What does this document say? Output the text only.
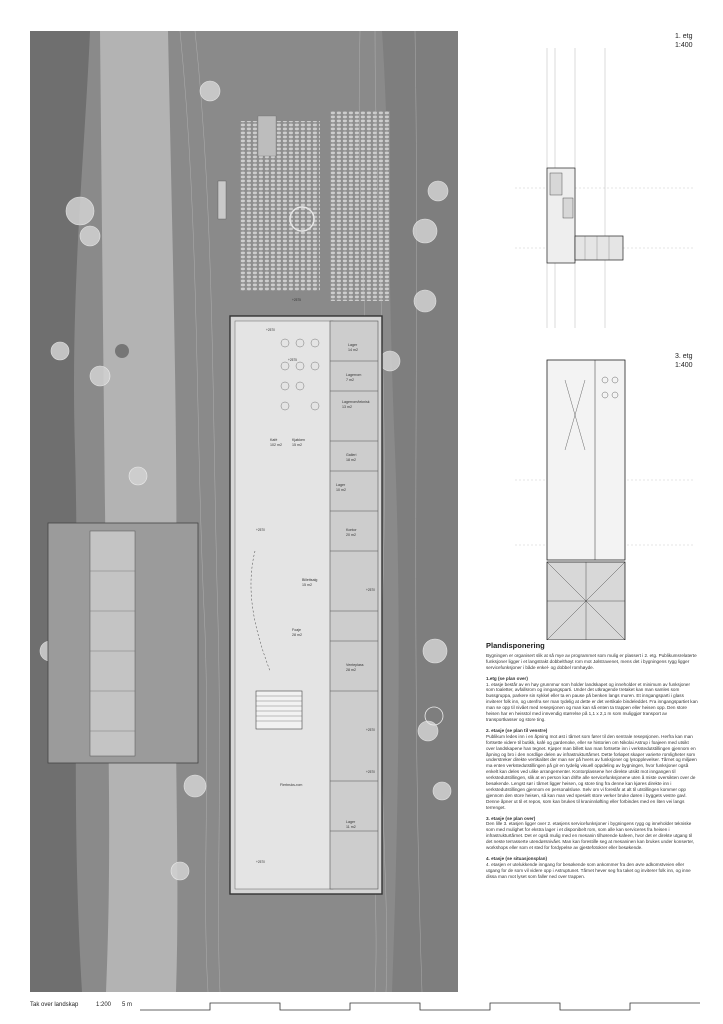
Lager
14 m2
Lagerrom
7 m2
Lagerrom/teknisk
13 m2
Kafé
102 m2
Kjøkken
15 m2
Galleri
18 m2
Lager
10 m2
Kontor
20 m2
Billettsalg
15 m2
Foaje
28 m2
Venteplass
28 m2
Flerbruks-rom
Lager
11 m2
+2575
+2570
+2575
+2570
+2570
+2570
+2570
+2570
1. etg
1:400
3. etg
1:400
Plandisponering

Bygningen er organisert slik at så mye av programmet som mulig er plassert i 2. etg. Publikumsrelaterte funksjoner ligger i et langstrakt dobbelthøyt rom mot Jølstravenet, mens det i bygningens rygg ligger servicefunksjoner i både enkel- og dobbel romhøyde.

1.etg (se plan over)

1. etasje består av en høy grunnmur som holder landskapet og inneholder et minimum av funksjoner som toaletter, avfallsrom og inngangsparti. Under det utkragende tretaket kan man samles som bussgruppa, parkere sin sykkel eller ta en pause på benken langs muren. Et inngangsparti i glass inviterer folk inn, og utenfra ser man tydelig at dette er det vertikale bindeleddet. Fra inngangspartiet kan man se opp til nivået med resepsjonen og man kan så enten ta trappen eller heisen opp. Den store heisen har en heisstol med innvendig størrelse på 1,1 x 2,1 m som muliggjør transport av transportkasser og store ting.

2. etasje (se plan til venstre)

Publikum ledes inn i en åpning mot øst i tårnet som fører til den sentrale resepsjonen. Herfra kan man fortsette videre til butikk, kafé og gardenoke, eller se historien om Nikolai Astrup i foajeen med utsikt over landskapene han tegnet. Kjøper man billett kan man fortsette inn i verkstedutstillingen gjennom en åpning og bro i den nordlige delen av infrastrukturtårnet. Dette forløpet skaper varierte romligheter som understreker direkte vertikalitet der man ser på hvers av funksjoner og lysopplevelser. Tårnet og miljøen ma enten verkstedutstillingen på gir en tydelig visuell oppdeling av bygningen, hvor funksjoner også enkelt kan deles ved ulike arrangementer. Kontorplassene her direkte utsikt mot inngangen til verkstedutstillingen, slik at en person kan drifte alle servicefunksjonene uten å miste oversikten over de besøkende. Lengst sør i tårnet ligger heisen, og store ting fra denne kan kjøres direkte inn i verkstedutstillingen gjennom en personalsluse. Selv om vi foreslår at alt til utstillingen kommer opp gjennom den store heisen, så kan man ved spesielt store verker bruke døren i byggets vestre gavl. Denne åpner ut til et repos, som kan brukes til kraninnløfting eller forbindes med en liten vei langs terrenget.

3. etasje (se plan over)

Den lille 3. etasjen ligger over 2. etasjens servicefunksjoner i bygningens rygg og inneholder tekniske som med mulighet for ekstra lager i et disponibelt rom, som alle kan serviceres fra heisen i infrastrukturtårnet. Det er også mulig med en mesanin tilhørende kafeen, hvor det er direkte utgang til det neste terrasserte utendørsnivået. Man kan forestille seg at mesaninen kan brukes under konserter, workshops eller som et sted for fordypelse av gjestefotokrer eller besøkende.

4. etasje (se situasjonsplan)

4. etasjen er utelukkende inngang for besøkende som ankommer fra den øvre adkomstveien eller utgang for de som vil videre opp i Astruptunet. Tårnet hever seg fra taket og inviterer folk inn, og inne dissa man mot lyset som faller ned over trappen.

Tak over landskap	1:200 5 m
